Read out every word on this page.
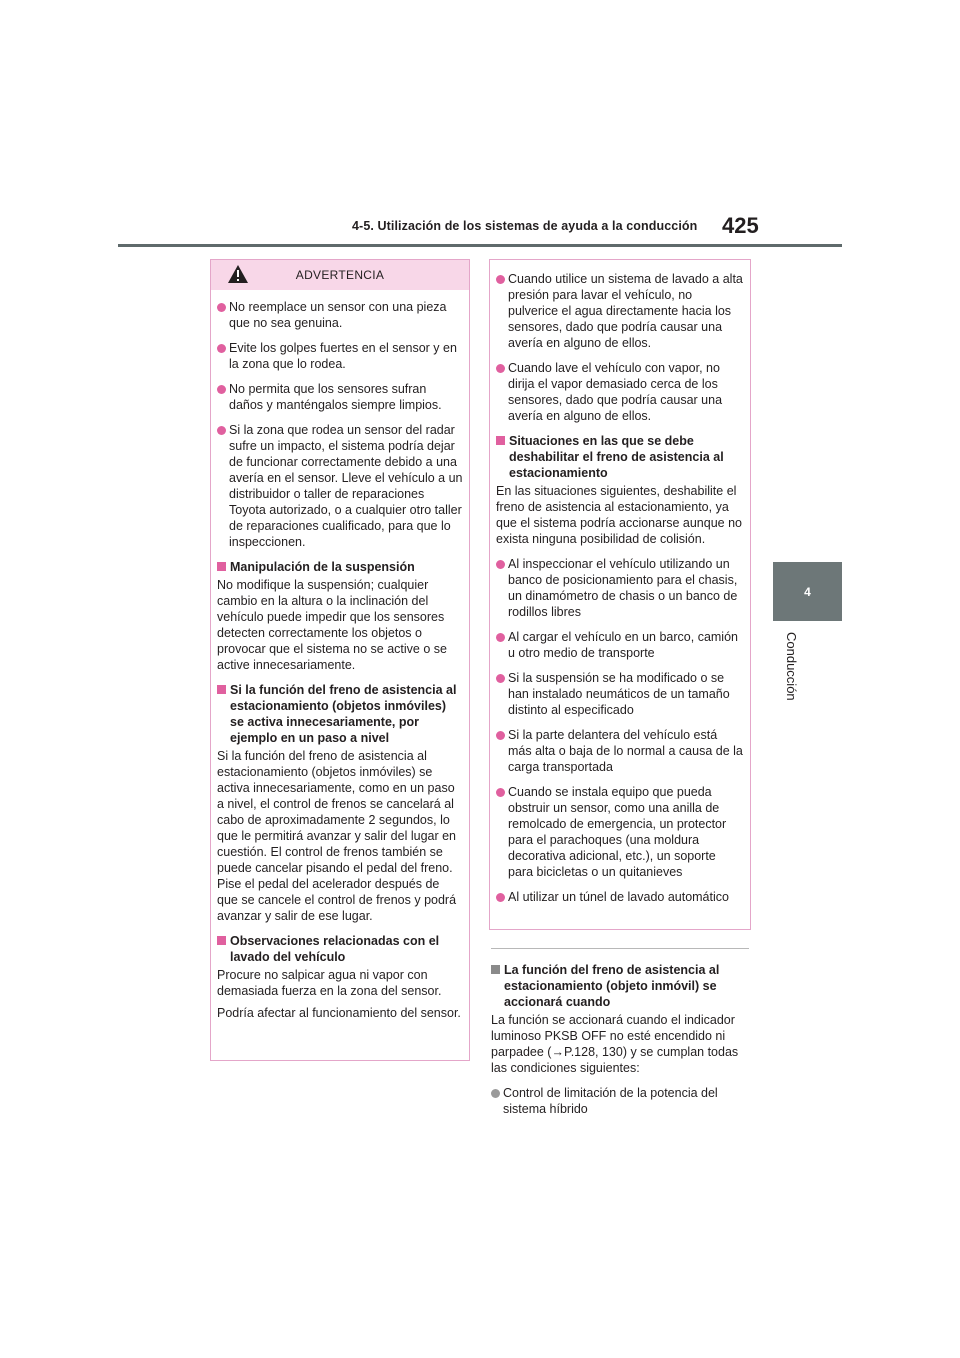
4-5. Utilización de los sistemas de ayuda a la conducción 425
4
Conducción
ADVERTENCIA
No reemplace un sensor con una pieza que no sea genuina.
Evite los golpes fuertes en el sensor y en la zona que lo rodea.
No permita que los sensores sufran daños y manténgalos siempre limpios.
Si la zona que rodea un sensor del radar sufre un impacto, el sistema podría dejar de funcionar correctamente debido a una avería en el sensor. Lleve el vehículo a un distribuidor o taller de reparaciones Toyota autorizado, o a cualquier otro taller de reparaciones cualificado, para que lo inspeccionen.
Manipulación de la suspensión
No modifique la suspensión; cualquier cambio en la altura o la inclinación del vehículo puede impedir que los sensores detecten correctamente los objetos o provocar que el sistema no se active o se active innecesariamente.
Si la función del freno de asistencia al estacionamiento (objetos inmóviles) se activa innecesariamente, por ejemplo en un paso a nivel
Si la función del freno de asistencia al estacionamiento (objetos inmóviles) se activa innecesariamente, como en un paso a nivel, el control de frenos se cancelará al cabo de aproximadamente 2 segundos, lo que le permitirá avanzar y salir del lugar en cuestión. El control de frenos también se puede cancelar pisando el pedal del freno. Pise el pedal del acelerador después de que se cancele el control de frenos y podrá avanzar y salir de ese lugar.
Observaciones relacionadas con el lavado del vehículo
Procure no salpicar agua ni vapor con demasiada fuerza en la zona del sensor.
Podría afectar al funcionamiento del sensor.
Cuando utilice un sistema de lavado a alta presión para lavar el vehículo, no pulverice el agua directamente hacia los sensores, dado que podría causar una avería en alguno de ellos.
Cuando lave el vehículo con vapor, no dirija el vapor demasiado cerca de los sensores, dado que podría causar una avería en alguno de ellos.
Situaciones en las que se debe deshabilitar el freno de asistencia al estacionamiento
En las situaciones siguientes, deshabilite el freno de asistencia al estacionamiento, ya que el sistema podría accionarse aunque no exista ninguna posibilidad de colisión.
Al inspeccionar el vehículo utilizando un banco de posicionamiento para el chasis, un dinamómetro de chasis o un banco de rodillos libres
Al cargar el vehículo en un barco, camión u otro medio de transporte
Si la suspensión se ha modificado o se han instalado neumáticos de un tamaño distinto al especificado
Si la parte delantera del vehículo está más alta o baja de lo normal a causa de la carga transportada
Cuando se instala equipo que pueda obstruir un sensor, como una anilla de remolcado de emergencia, un protector para el parachoques (una moldura decorativa adicional, etc.), un soporte para bicicletas o un quitanieves
Al utilizar un túnel de lavado automático
La función del freno de asistencia al estacionamiento (objeto inmóvil) se accionará cuando
La función se accionará cuando el indicador luminoso PKSB OFF no esté encendido ni parpadee (→P.128, 130) y se cumplan todas las condiciones siguientes:
Control de limitación de la potencia del sistema híbrido
